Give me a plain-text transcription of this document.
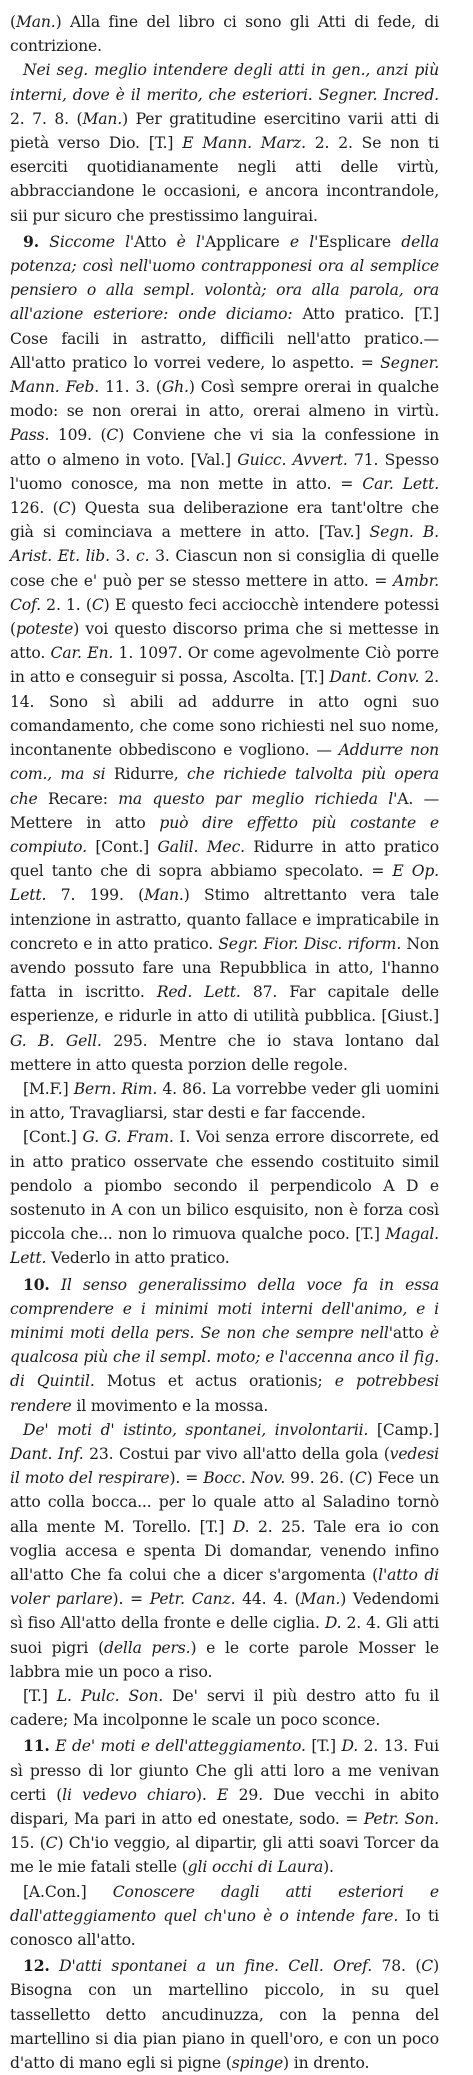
(Man.) Alla fine del libro ci sono gli Atti di fede, di contrizione.

Nei seg. meglio intendere degli atti in gen., anzi più interni, dove è il merito, che esteriori. Segner. Incred. 2. 7. 8. (Man.) Per gratitudine esercitino varii atti di pietà verso Dio. [T.] E Mann. Marz. 2. 2. Se non ti eserciti quotidianamente negli atti delle virtù, abbracciandone le occasioni, e ancora incontrandole, sii pur sicuro che prestissimo languirai.

9. Siccome l'Atto è l'Applicare e l'Esplicare della potenza; così nell'uomo contrapponesi ora al semplice pensiero o alla sempl. volontà; ora alla parola, ora all'azione esteriore: onde diciamo: Atto pratico. [T.] Cose facili in astratto, difficili nell'atto pratico.— All'atto pratico lo vorrei vedere, lo aspetto. = Segner. Mann. Feb. 11. 3. (Gh.) Così sempre orerai in qualche modo: se non orerai in atto, orerai almeno in virtù. Pass. 109. (C) Conviene che vi sia la confessione in atto o almeno in voto. [Val.] Guicc. Avvert. 71. Spesso l'uomo conosce, ma non mette in atto. = Car. Lett. 126. (C) Questa sua deliberazione era tant'oltre che già si cominciava a mettere in atto. [Tav.] Segn. B. Arist. Et. lib. 3. c. 3. Ciascun non si consiglia di quelle cose che e' può per se stesso mettere in atto. = Ambr. Cof. 2. 1. (C) E questo feci acciocchè intendere potessi (poteste) voi questo discorso prima che si mettesse in atto. Car. En. 1. 1097. Or come agevolmente Ciò porre in atto e conseguir si possa, Ascolta. [T.] Dant. Conv. 2. 14. Sono sì abili ad addurre in atto ogni suo comandamento, che come sono richiesti nel suo nome, incontanente obbediscono e vogliono. — Addurre non com., ma si Ridurre, che richiede talvolta più opera che Recare: ma questo par meglio richieda l'A. — Mettere in atto può dire effetto più costante e compiuto. [Cont.] Galil. Mec. Ridurre in atto pratico quel tanto che di sopra abbiamo specolato. = E Op. Lett. 7. 199. (Man.) Stimo altrettanto vera tale intenzione in astratto, quanto fallace e impraticabile in concreto e in atto pratico. Segr. Fior. Disc. riform. Non avendo possuto fare una Repubblica in atto, l'hanno fatta in iscritto. Red. Lett. 87. Far capitale delle esperienze, e ridurle in atto di utilità pubblica. [Giust.] G. B. Gell. 295. Mentre che io stava lontano dal mettere in atto questa porzion delle regole.

[M.F.] Bern. Rim. 4. 86. La vorrebbe veder gli uomini in atto, Travagliarsi, star desti e far faccende.

[Cont.] G. G. Fram. I. Voi senza errore discorrete, ed in atto pratico osservate che essendo costituito simil pendolo a piombo secondo il perpendicolo A D e sostenuto in A con un bilico esquisito, non è forza così piccola che... non lo rimuova qualche poco. [T.] Magal. Lett. Vederlo in atto pratico.

10. Il senso generalissimo della voce fa in essa comprendere e i minimi moti interni dell'animo, e i minimi moti della pers. Se non che sempre nell'atto è qualcosa più che il sempl. moto; e l'accenna anco il fig. di Quintil. Motus et actus orationis; e potrebbesi rendere il movimento e la mossa.

De' moti d' istinto, spontanei, involontarii. [Camp.] Dant. Inf. 23. Costui par vivo all'atto della gola (vedesi il moto del respirare). = Bocc. Nov. 99. 26. (C) Fece un atto colla bocca... per lo quale atto al Saladino tornò alla mente M. Torello. [T.] D. 2. 25. Tale era io con voglia accesa e spenta Di domandar, venendo infino all'atto Che fa colui che a dicer s'argomenta (l'atto di voler parlare). = Petr. Canz. 44. 4. (Man.) Vedendomi sì fiso All'atto della fronte e delle ciglia. D. 2. 4. Gli atti suoi pigri (della pers.) e le corte parole Mosser le labbra mie un poco a riso.

[T.] L. Pulc. Son. De' servi il più destro atto fu il cadere; Ma incolponne le scale un poco sconce.

11. E de' moti e dell'atteggiamento. [T.] D. 2. 13. Fui sì presso di lor giunto Che gli atti loro a me venivan certi (li vedevo chiaro). E 29. Due vecchi in abito dispari, Ma pari in atto ed onestate, sodo. = Petr. Son. 15. (C) Ch'io veggio, al dipartir, gli atti soavi Torcer da me le mie fatali stelle (gli occhi di Laura).

[A.Con.] Conoscere dagli atti esteriori e dall'atteggiamento quel ch'uno è o intende fare. Io ti conosco all'atto.

12. D'atti spontanei a un fine. Cell. Oref. 78. (C) Bisogna con un martellino piccolo, in su quel tasselletto detto ancudinuzza, con la penna del martellino si dia pian piano in quell'oro, e con un poco d'atto di mano egli si pigne (spinge) in drento.
